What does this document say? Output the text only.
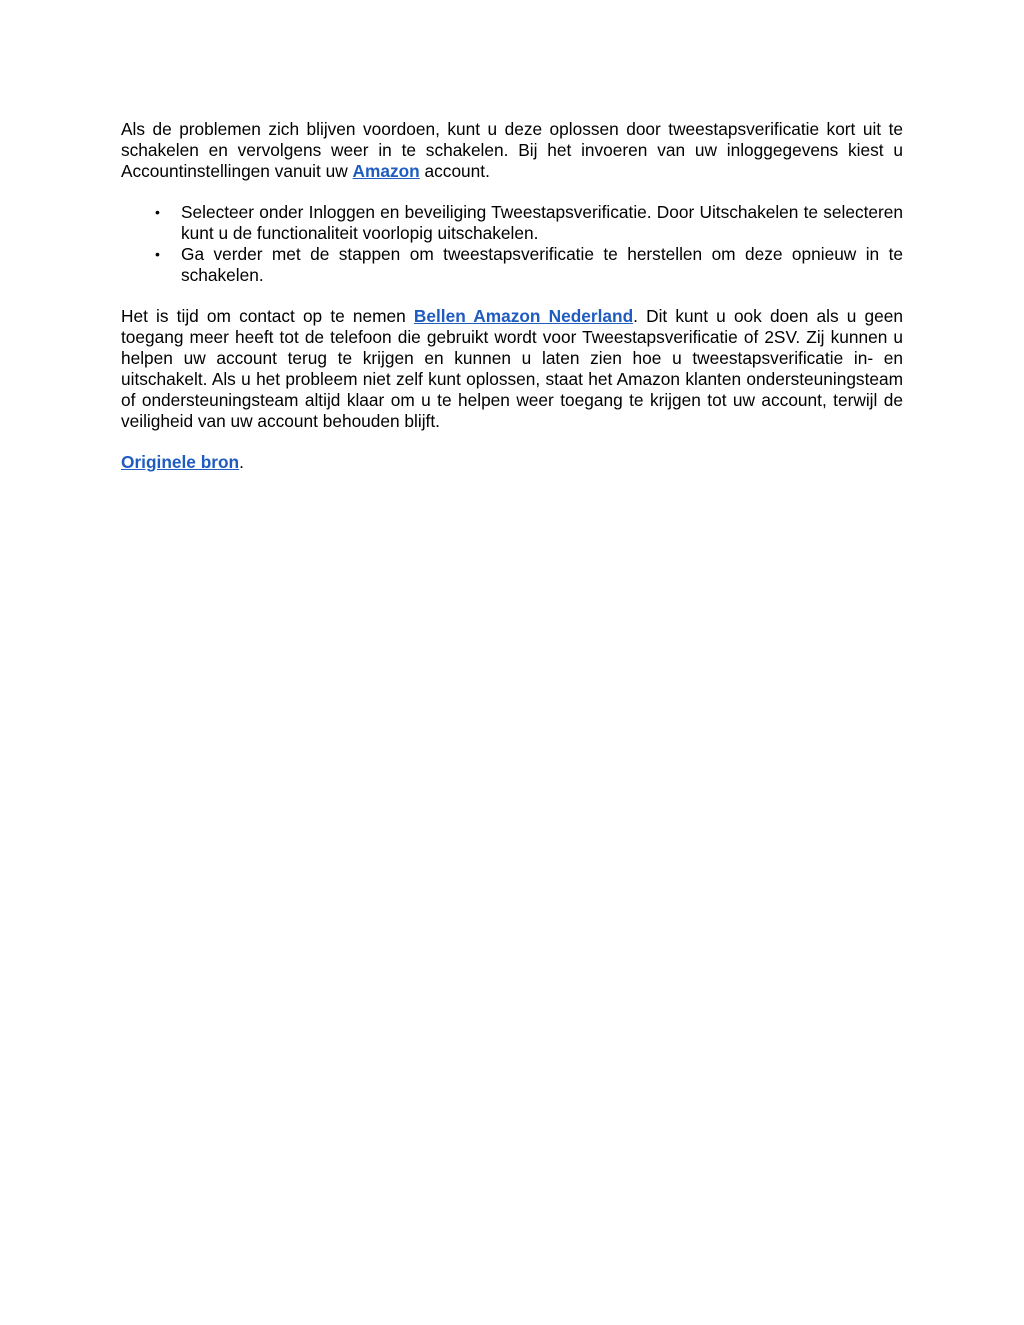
Als de problemen zich blijven voordoen, kunt u deze oplossen door tweestapsverificatie kort uit te schakelen en vervolgens weer in te schakelen. Bij het invoeren van uw inloggegevens kiest u Accountinstellingen vanuit uw Amazon account.

• Selecteer onder Inloggen en beveiliging Tweestapsverificatie. Door Uitschakelen te selecteren kunt u de functionaliteit voorlopig uitschakelen.
• Ga verder met de stappen om tweestapsverificatie te herstellen om deze opnieuw in te schakelen.

Het is tijd om contact op te nemen Bellen Amazon Nederland. Dit kunt u ook doen als u geen toegang meer heeft tot de telefoon die gebruikt wordt voor Tweestapsverificatie of 2SV. Zij kunnen u helpen uw account terug te krijgen en kunnen u laten zien hoe u tweestapsverificatie in- en uitschakelt. Als u het probleem niet zelf kunt oplossen, staat het Amazon klanten ondersteuningsteam of ondersteuningsteam altijd klaar om u te helpen weer toegang te krijgen tot uw account, terwijl de veiligheid van uw account behouden blijft.

Originele bron.
